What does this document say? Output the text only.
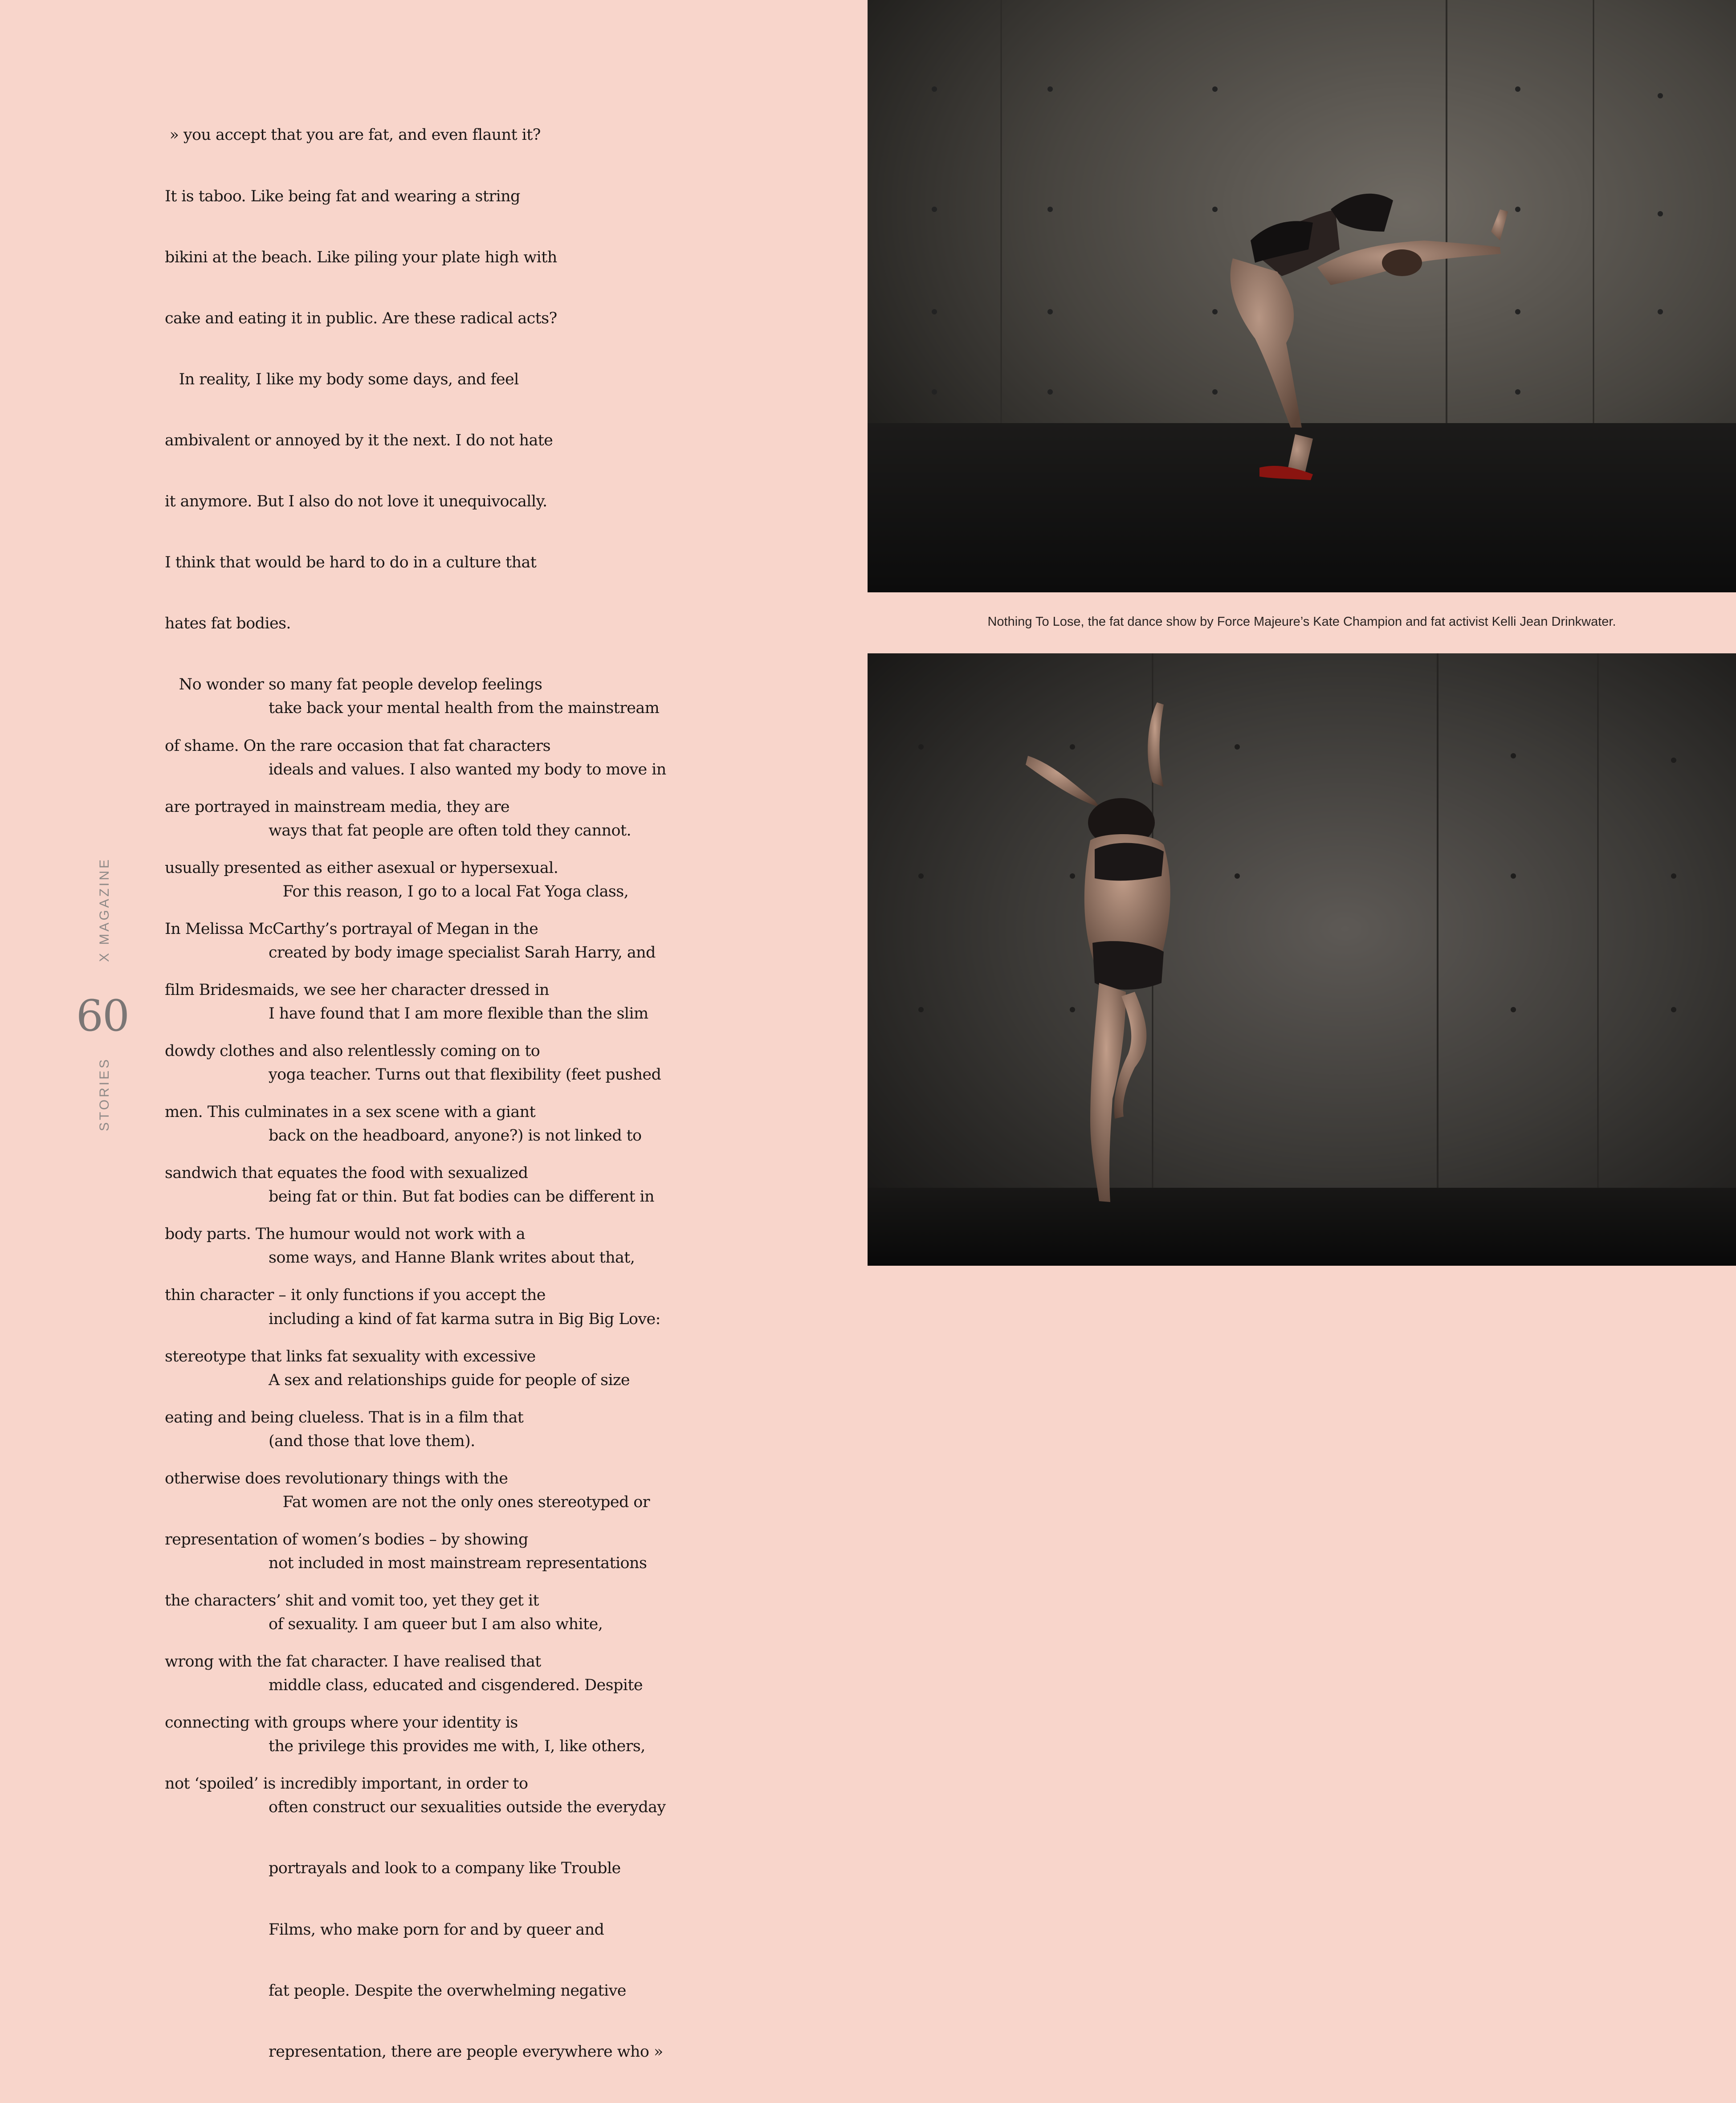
» you accept that you are fat, and even flaunt it?

It is taboo. Like being fat and wearing a string

bikini at the beach. Like piling your plate high with

cake and eating it in public. Are these radical acts?

In reality, I like my body some days, and feel

ambivalent or annoyed by it the next. I do not hate

it anymore. But I also do not love it unequivocally.

I think that would be hard to do in a culture that

hates fat bodies.

No wonder so many fat people develop feelings

of shame. On the rare occasion that fat characters

are portrayed in mainstream media, they are

usually presented as either asexual or hypersexual.

In Melissa McCarthy’s portrayal of Megan in the

film Bridesmaids, we see her character dressed in

dowdy clothes and also relentlessly coming on to

men. This culminates in a sex scene with a giant

sandwich that equates the food with sexualized

body parts. The humour would not work with a

thin character – it only functions if you accept the

stereotype that links fat sexuality with excessive

eating and being clueless. That is in a film that

otherwise does revolutionary things with the

representation of women’s bodies – by showing

the characters’ shit and vomit too, yet they get it

wrong with the fat character. I have realised that

connecting with groups where your identity is

not ‘spoiled’ is incredibly important, in order to

take back your mental health from the mainstream

ideals and values. I also wanted my body to move in

ways that fat people are often told they cannot.

For this reason, I go to a local Fat Yoga class,

created by body image specialist Sarah Harry, and

I have found that I am more flexible than the slim

yoga teacher. Turns out that flexibility (feet pushed

back on the headboard, anyone?) is not linked to

being fat or thin. But fat bodies can be different in

some ways, and Hanne Blank writes about that,

including a kind of fat karma sutra in Big Big Love:

A sex and relationships guide for people of size

(and those that love them).

Fat women are not the only ones stereotyped or

not included in most mainstream representations

of sexuality. I am queer but I am also white,

middle class, educated and cisgendered. Despite

the privilege this provides me with, I, like others,

often construct our sexualities outside the everyday

portrayals and look to a company like Trouble

Films, who make porn for and by queer and

fat people. Despite the overwhelming negative

representation, there are people everywhere who »

X MAGAZINE
60
STORIES
Nothing To Lose, the fat dance show by Force Majeure’s Kate Champion and fat activist Kelli Jean Drinkwater.
